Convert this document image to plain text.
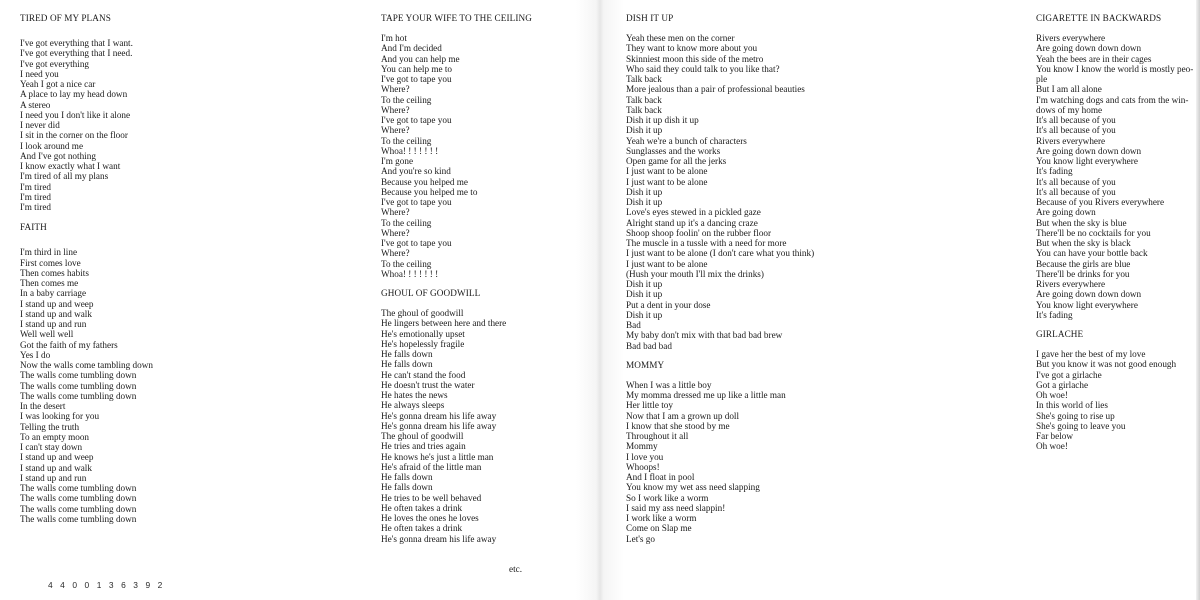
TIRED OF MY PLANS
I've got everything that I want.
I've got everything that I need.
I've got everything
I need you
Yeah I got a nice car
A place to lay my head down
A stereo
I need you I don't like it alone
I never did
I sit in the corner on the floor
I look around me
And I've got nothing
I know exactly what I want
I'm tired of all my plans
I'm tired
I'm tired
I'm tired
FAITH
I'm third in line
First comes love
Then comes habits
Then comes me
In a baby carriage
I stand up and weep
I stand up and walk
I stand up and run
Well well well
Got the faith of my fathers
Yes I do
Now the walls come tambling down
The walls come tumbling down
The walls come tumbling down
The walls come tumbling down
In the desert
I was looking for you
Telling the truth
To an empty moon
I can't stay down
I stand up and weep
I stand up and walk
I stand up and run
The walls come tumbling down
The walls come tumbling down
The walls come tumbling down
The walls come tumbling down
TAPE YOUR WIFE TO THE CEILING
I'm hot
And I'm decided
And you can help me
You can help me to
I've got to tape you
Where?
To the ceiling
Where?
I've got to tape you
Where?
To the ceiling
Whoa! ! ! ! ! ! !
I'm gone
And you're so kind
Because you helped me
Because you helped me to
I've got to tape you
Where?
To the ceiling
Where?
I've got to tape you
Where?
To the ceiling
Whoa! ! ! ! ! ! !
GHOUL OF GOODWILL
The ghoul of goodwill
He lingers between here and there
He's emotionally upset
He's hopelessly fragile
He falls down
He falls down
He can't stand the food
He doesn't trust the water
He hates the news
He always sleeps
He's gonna dream his life away
He's gonna dream his life away
The ghoul of goodwill
He tries and tries again
He knows he's just a little man
He's afraid of the little man
He falls down
He falls down
He tries to be well behaved
He often takes a drink
He loves the ones he loves
He often takes a drink
He's gonna dream his life away
DISH IT UP
Yeah these men on the corner
They want to know more about you
Skinniest moon this side of the metro
Who said they could talk to you like that?
Talk back
More jealous than a pair of professional beauties
Talk back
Talk back
Dish it up dish it up
Dish it up
Yeah we're a bunch of characters
Sunglasses and the works
Open game for all the jerks
I just want to be alone
I just want to be alone
Dish it up
Dish it up
Love's eyes stewed in a pickled gaze
Alright stand up it's a dancing craze
Shoop shoop foolin' on the rubber floor
The muscle in a tussle with a need for more
I just want to be alone (I don't care what you think)
I just want to be alone
(Hush your mouth I'll mix the drinks)
Dish it up
Dish it up
Put a dent in your dose
Dish it up
Bad
My baby don't mix with that bad bad brew
Bad bad bad
MOMMY
When I was a little boy
My momma dressed me up like a little man
Her little toy
Now that I am a grown up doll
I know that she stood by me
Throughout it all
Mommy
I love you
Whoops!
And I float in pool
You know my wet ass need slapping
So I work like a worm
I said my ass need slappin!
I work like a worm
Come on Slap me
Let's go
CIGARETTE IN BACKWARDS
Rivers everywhere
Are going down down down
Yeah the bees are in their cages
You know I know the world is mostly peo-
ple
But I am all alone
I'm watching dogs and cats from the win-
dows of my home
It's all because of you
It's all because of you
Rivers everywhere
Are going down down down
You know light everywhere
It's fading
It's all because of you
It's all because of you
Because of you Rivers everywhere
Are going down
But when the sky is blue
There'll be no cocktails for you
But when the sky is black
You can have your bottle back
Because the girls are blue
There'll be drinks for you
Rivers everywhere
Are going down down down
You know light everywhere
It's fading
GIRLACHE
I gave her the best of my love
But you know it was not good enough
I've got a girlache
Got a girlache
Oh woe!
In this world of lies
She's going to rise up
She's going to leave you
Far below
Oh woe!
etc.
4 4 0 0 1 3 6 3 9 2
